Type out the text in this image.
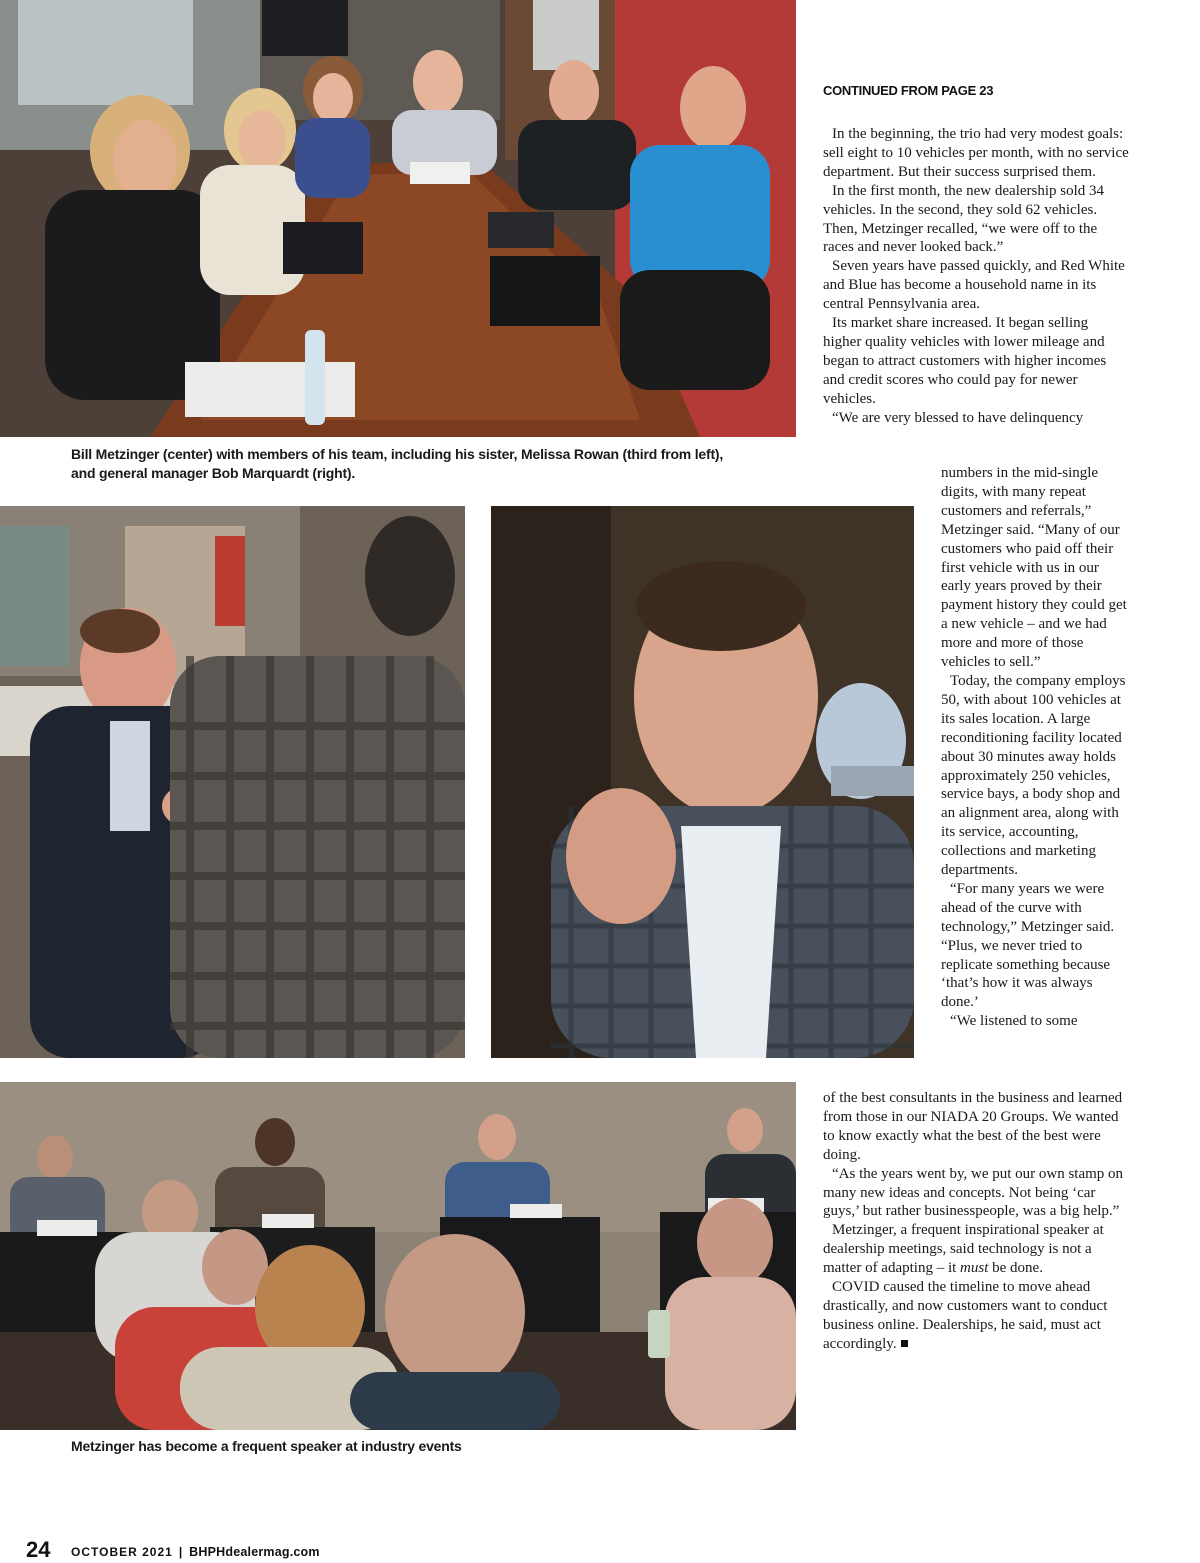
Bill Metzinger (center) with members of his team, including his sister, Melissa Rowan (third from left), and general manager Bob Marquardt (right).
Metzinger has become a frequent speaker at industry events
CONTINUED FROM PAGE 23

In the beginning, the trio had very modest goals: sell eight to 10 vehicles per month, with no service department. But their success surprised them.

In the first month, the new dealership sold 34 vehicles. In the second, they sold 62 vehicles. Then, Metzinger recalled, “we were off to the races and never looked back.”

Seven years have passed quickly, and Red White and Blue has become a household name in its central Pennsylvania area.

Its market share increased. It began selling higher quality vehicles with lower mileage and began to attract customers with higher incomes and credit scores who could pay for newer vehicles.

“We are very blessed to have delinquency

numbers in the mid-single digits, with many repeat customers and referrals,” Metzinger said. “Many of our customers who paid off their first vehicle with us in our early years proved by their payment history they could get a new vehicle – and we had more and more of those vehicles to sell.”

Today, the company employs 50, with about 100 vehicles at its sales location. A large reconditioning facility located about 30 minutes away holds approximately 250 vehicles, service bays, a body shop and an alignment area, along with its service, accounting, collections and marketing departments.

“For many years we were ahead of the curve with technology,” Metzinger said. “Plus, we never tried to replicate something because ‘that’s how it was always done.’

“We listened to some

of the best consultants in the business and learned from those in our NIADA 20 Groups. We wanted to know exactly what the best of the best were doing.

“As the years went by, we put our own stamp on many new ideas and concepts. Not being ‘car guys,’ but rather businesspeople, was a big help.”

Metzinger, a frequent inspirational speaker at dealership meetings, said technology is not a matter of adapting – it must be done.

COVID caused the timeline to move ahead drastically, and now customers want to conduct business online. Dealerships, he said, must act accordingly.

24 OCTOBER 2021 | BHPHdealermag.com
